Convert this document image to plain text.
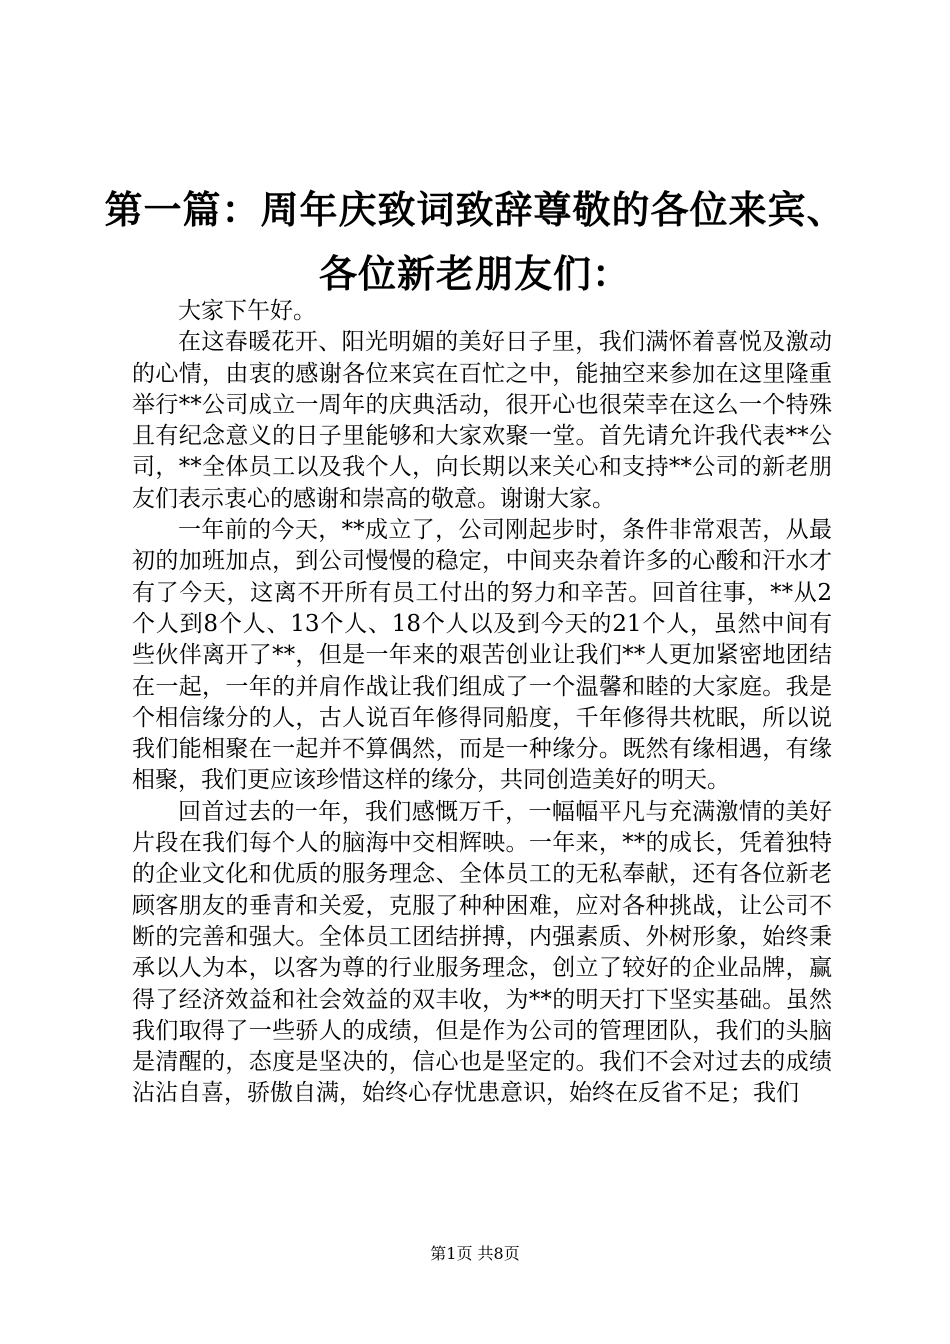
第一篇：周年庆致词致辞尊敬的各位来宾、各位新老朋友们：

大家下午好。

在这春暖花开、阳光明媚的美好日子里，我们满怀着喜悦及激动的心情，由衷的感谢各位来宾在百忙之中，能抽空来参加在这里隆重举行**公司成立一周年的庆典活动，很开心也很荣幸在这么一个特殊且有纪念意义的日子里能够和大家欢聚一堂。首先请允许我代表**公司，**全体员工以及我个人，向长期以来关心和支持**公司的新老朋友们表示衷心的感谢和崇高的敬意。谢谢大家。

一年前的今天，**成立了，公司刚起步时，条件非常艰苦，从最初的加班加点，到公司慢慢的稳定，中间夹杂着许多的心酸和汗水才有了今天，这离不开所有员工付出的努力和辛苦。回首往事，**从2个人到8个人、13个人、18个人以及到今天的21个人，虽然中间有些伙伴离开了**，但是一年来的艰苦创业让我们**人更加紧密地团结在一起，一年的并肩作战让我们组成了一个温馨和睦的大家庭。我是个相信缘分的人，古人说百年修得同船度，千年修得共枕眠，所以说我们能相聚在一起并不算偶然，而是一种缘分。既然有缘相遇，有缘相聚，我们更应该珍惜这样的缘分，共同创造美好的明天。

回首过去的一年，我们感慨万千，一幅幅平凡与充满激情的美好片段在我们每个人的脑海中交相辉映。一年来，**的成长，凭着独特的企业文化和优质的服务理念、全体员工的无私奉献，还有各位新老顾客朋友的垂青和关爱，克服了种种困难，应对各种挑战，让公司不断的完善和强大。全体员工团结拼搏，内强素质、外树形象，始终秉承以人为本，以客为尊的行业服务理念，创立了较好的企业品牌，赢得了经济效益和社会效益的双丰收，为**的明天打下坚实基础。虽然我们取得了一些骄人的成绩，但是作为公司的管理团队，我们的头脑是清醒的，态度是坚决的，信心也是坚定的。我们不会对过去的成绩沾沾自喜，骄傲自满，始终心存忧患意识，始终在反省不足；我们

第1页 共8页
